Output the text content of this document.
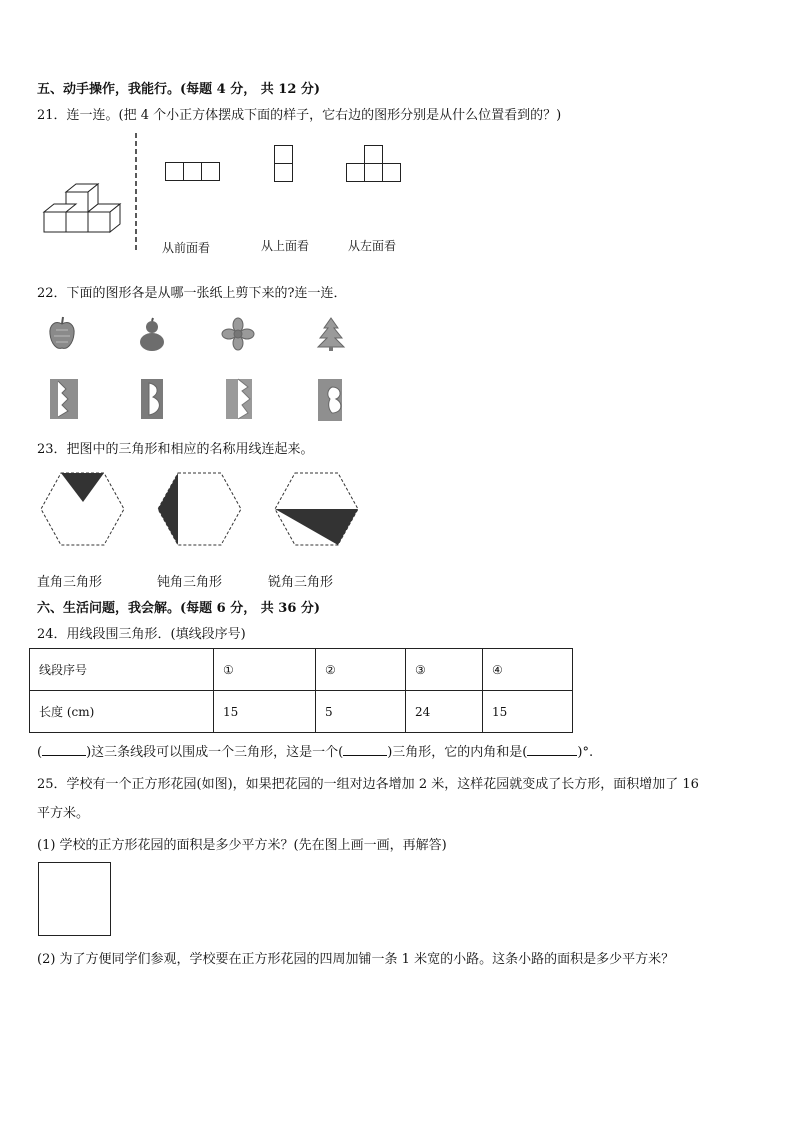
五、动手操作，我能行。(每题 4 分， 共 12 分)
21．连一连。(把 4 个小正方体摆成下面的样子，它右边的图形分别是从什么位置看到的？)
从前面看	从上面看	从左面看
22．下面的图形各是从哪一张纸上剪下来的?连一连．
23．把图中的三角形和相应的名称用线连起来。
直角三角形	钝角三角形	锐角三角形
六、生活问题，我会解。(每题 6 分， 共 36 分)
24．用线段围三角形．(填线段序号)
线段序号	①	②	③	④
长度 (cm)	15	5	24	15
(	)这三条线段可以围成一个三角形，这是一个(	)三角形，它的内角和是(	)°.
25．学校有一个正方形花园(如图)，如果把花园的一组对边各增加 2 米，这样花园就变成了长方形，面积增加了 16
平方米。
(1) 学校的正方形花园的面积是多少平方米？(先在图上画一画，再解答)
(2) 为了方便同学们参观，学校要在正方形花园的四周加铺一条 1 米宽的小路。这条小路的面积是多少平方米？
